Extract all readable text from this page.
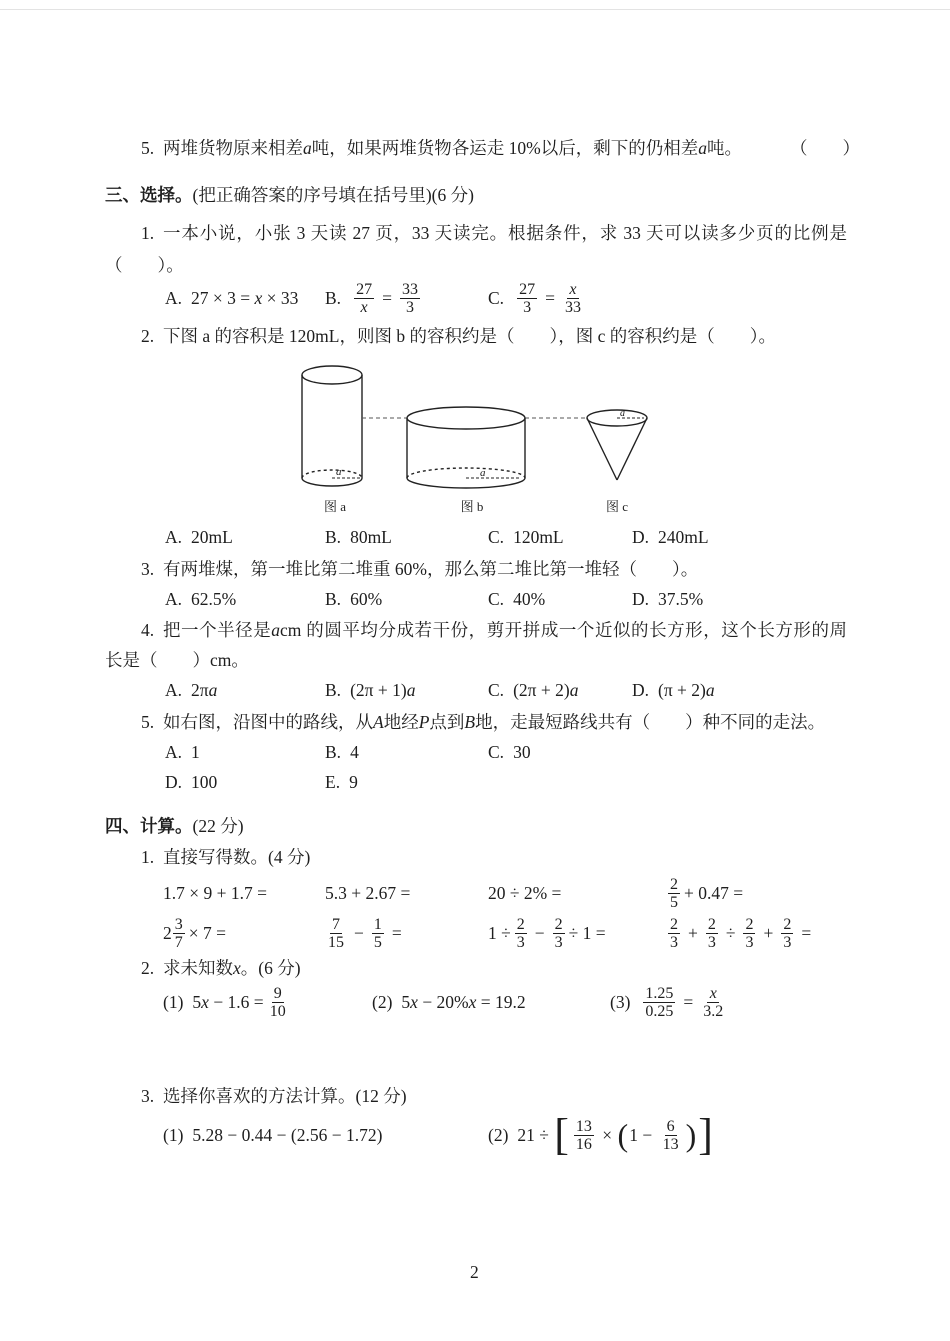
5. 两堆货物原来相差a吨，如果两堆货物各运走 10%以后，剩下的仍相差a吨。	（　　）
三、选择。(把正确答案的序号填在括号里)(6 分)
1. 一本小说，小张 3 天读 27 页，33 天读完。根据条件，求 33 天可以读多少页的比例是
（　　）。
A. 27 × 3 = x × 33 B. $\frac{27}{x} = \frac{33}{3}$	C. $\frac{27}{3} = \frac{x}{33}$
2. 下图 a 的容积是 120mL，则图 b 的容积约是（　　），图 c 的容积约是（　　）。
a	a
a
图 a	图 b	图 c
A. 20mL	B. 80mL	C. 120mL	D. 240mL
3. 有两堆煤，第一堆比第二堆重 60%，那么第二堆比第一堆轻（　　）。
A. 62.5%	B. 60%	C. 40%	D. 37.5%
4. 把一个半径是acm 的圆平均分成若干份，剪开拼成一个近似的长方形，这个长方形的周
长是（　　）cm。
A. 2πa	B. (2π + 1)a	C. (2π + 2)a	D. (π + 2)a
5. 如右图，沿图中的路线，从A地经P点到B地，走最短路线共有（　　）种不同的走法。
A. 1	B. 4	C. 30
D. 100	E. 9
四、计算。(22 分)
1. 直接写得数。(4 分)
1.7 × 9 + 1.7 =	5.3 + 2.67 =	20 ÷ 2% =	$\frac{2}{5} + 0.47$ =
$2 \frac{3}{7} \times 7$ =	$\frac{7}{15} - \frac{1}{5}$ =	$1 \div \frac{2}{3} - \frac{2}{3} \div 1$ =	$\frac{2}{3} + \frac{2}{3} \div \frac{2}{3} + \frac{2}{3}$ =
2. 求未知数x。(6 分)
(1) 5 $x - 1.6 = \frac{9}{10}$	(2) 5 x − 20% x = 19.2	$(3) \frac{1.25}{0.25} = \frac{x}{3.2}$
3. 选择你喜欢的方法计算。(12 分)
(1) 5.28 − 0.44 − (2.56 − 1.72)	(2) 21 ÷ [ $\frac{13}{16}$ × ( $1 - \frac{6}{13}$ ) ]
2
